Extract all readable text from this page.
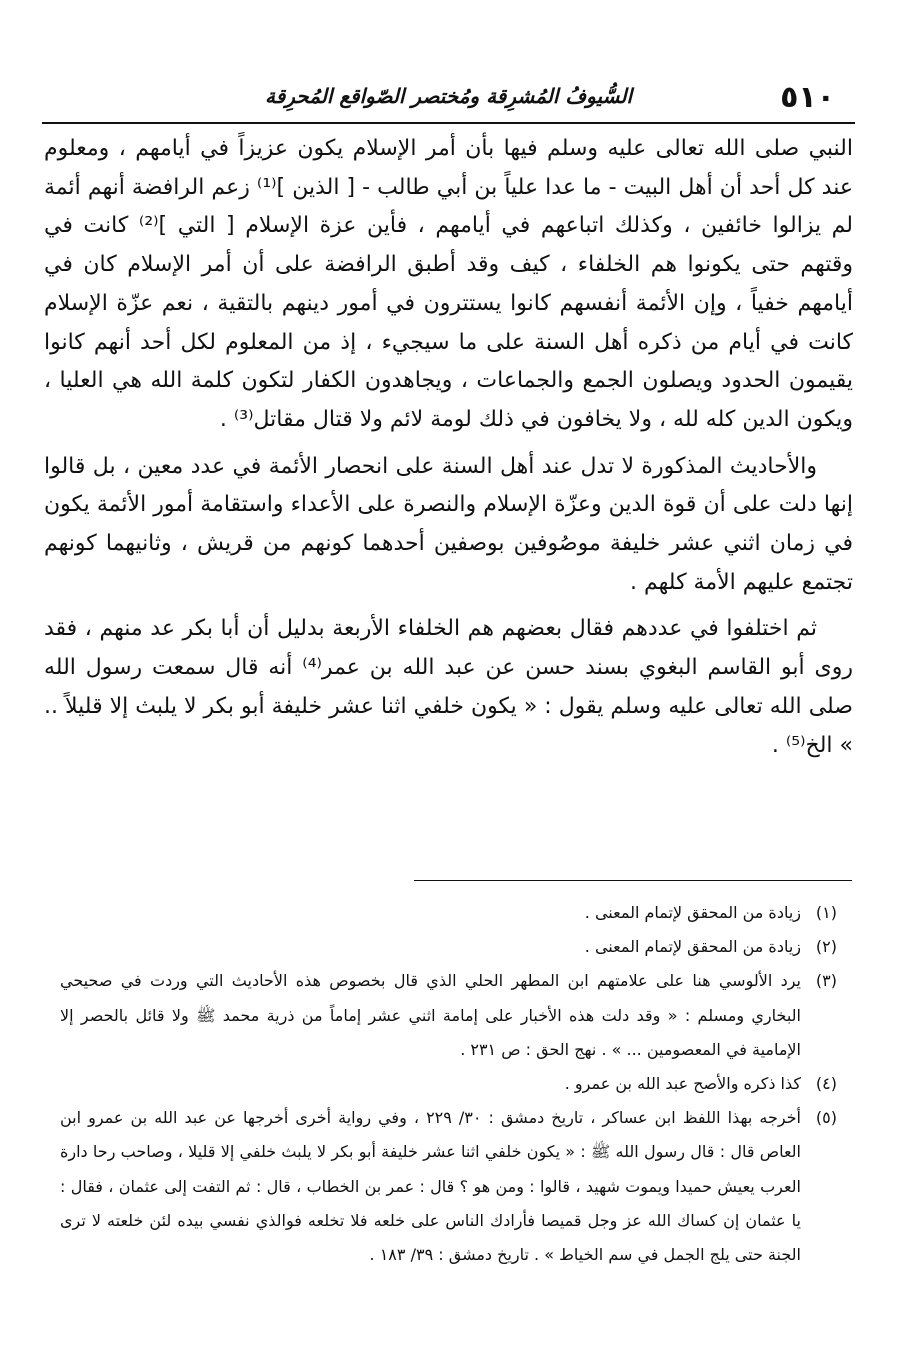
٥١٠
السُّيوفُ المُشرِقة ومُختصر الصّواقع المُحرِقة

النبي صلى الله تعالى عليه وسلم فيها بأن أمر الإسلام يكون عزيزاً في أيامهم ، ومعلوم عند كل أحد أن أهل البيت - ما عدا علياً بن أبي طالب - [ الذين ]⁽¹⁾ زعم الرافضة أنهم أئمة لم يزالوا خائفين ، وكذلك اتباعهم في أيامهم ، فأين عزة الإسلام [ التي ]⁽²⁾ كانت في وقتهم حتى يكونوا هم الخلفاء ، كيف وقد أطبق الرافضة على أن أمر الإسلام كان في أيامهم خفياً ، وإن الأئمة أنفسهم كانوا يستترون في أمور دينهم بالتقية ، نعم عزّة الإسلام كانت في أيام من ذكره أهل السنة على ما سيجيء ، إذ من المعلوم لكل أحد أنهم كانوا يقيمون الحدود ويصلون الجمع والجماعات ، ويجاهدون الكفار لتكون كلمة الله هي العليا ، ويكون الدين كله لله ، ولا يخافون في ذلك لومة لائم ولا قتال مقاتل⁽³⁾ .

والأحاديث المذكورة لا تدل عند أهل السنة على انحصار الأئمة في عدد معين ، بل قالوا إنها دلت على أن قوة الدين وعزّة الإسلام والنصرة على الأعداء واستقامة أمور الأئمة يكون في زمان اثني عشر خليفة موصُوفين بوصفين أحدهما كونهم من قريش ، وثانيهما كونهم تجتمع عليهم الأمة كلهم .

ثم اختلفوا في عددهم فقال بعضهم هم الخلفاء الأربعة بدليل أن أبا بكر عد منهم ، فقد روى أبو القاسم البغوي بسند حسن عن عبد الله بن عمر⁽⁴⁾ أنه قال سمعت رسول الله صلى الله تعالى عليه وسلم يقول : « يكون خلفي اثنا عشر خليفة أبو بكر لا يلبث إلا قليلاً .. » الخ⁽⁵⁾ .

(١)
زيادة من المحقق لإتمام المعنى .

(٢)
زيادة من المحقق لإتمام المعنى .

(٣)
يرد الألوسي هنا على علامتهم ابن المطهر الحلي الذي قال بخصوص هذه الأحاديث التي وردت في صحيحي البخاري ومسلم : « وقد دلت هذه الأخبار على إمامة اثني عشر إماماً من ذرية محمد ﷺ ولا قائل بالحصر إلا الإمامية في المعصومين ... » . نهج الحق : ص ٢٣١ .

(٤)
كذا ذكره والأصح عبد الله بن عمرو .

(٥)
أخرجه بهذا اللفظ ابن عساكر ، تاريخ دمشق : ٣٠/ ٢٢٩ ، وفي رواية أخرى أخرجها عن عبد الله بن عمرو ابن العاص قال : قال رسول الله ﷺ : « يكون خلفي اثنا عشر خليفة أبو بكر لا يلبث خلفي إلا قليلا ، وصاحب رحا دارة العرب يعيش حميدا ويموت شهيد ، قالوا : ومن هو ؟ قال : عمر بن الخطاب ، قال : ثم التفت إلى عثمان ، فقال : يا عثمان إن كساك الله عز وجل قميصا فأرادك الناس على خلعه فلا تخلعه فوالذي نفسي بيده لئن خلعته لا ترى الجنة حتى يلج الجمل في سم الخياط » . تاريخ دمشق : ٣٩/ ١٨٣ .
